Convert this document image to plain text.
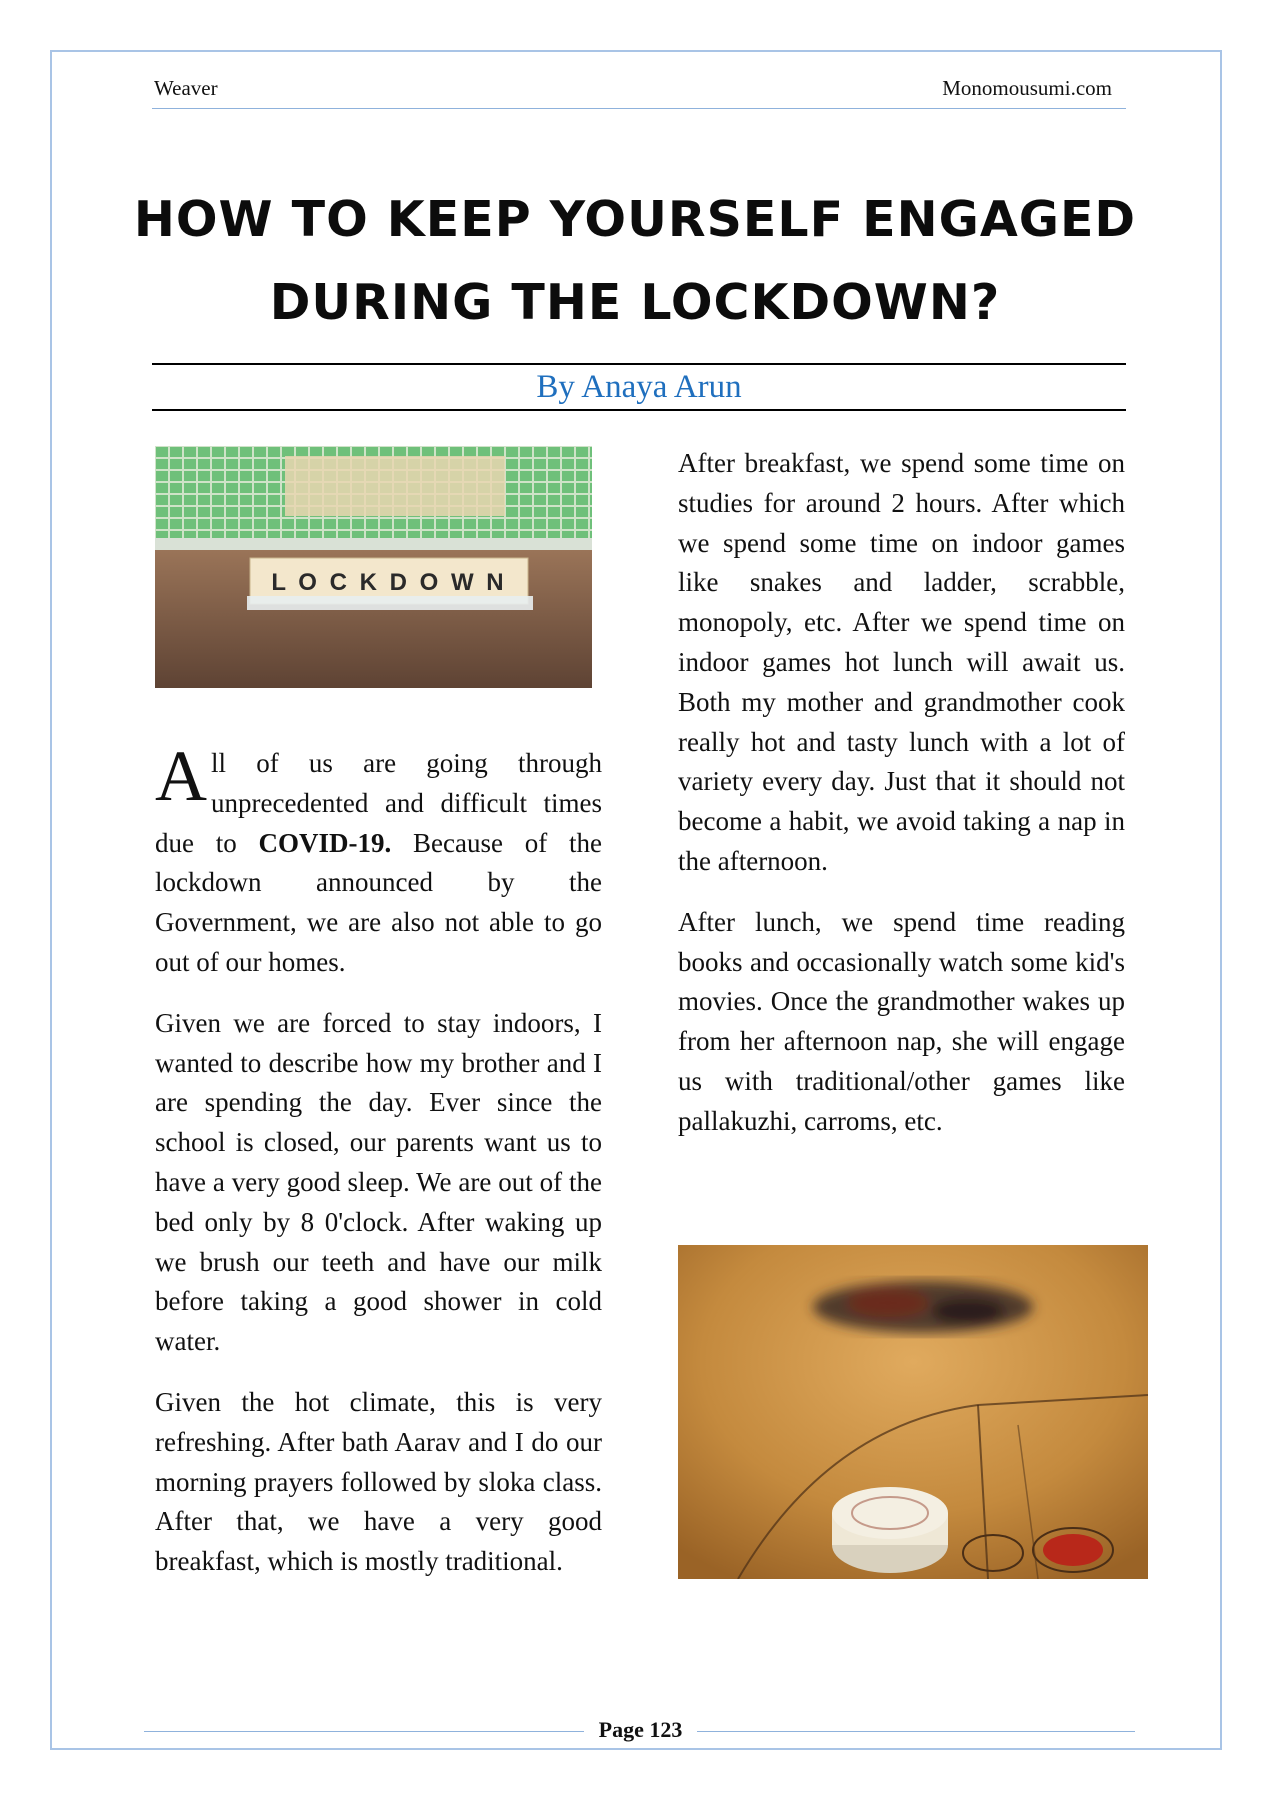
Weaver	Monomousumi.com
HOW TO KEEP YOURSELF ENGAGED
DURING THE LOCKDOWN?
By Anaya Arun
L O C K D O W N

All of us are going through unprecedented and difficult times due to COVID-19. Because of the lockdown announced by the Government, we are also not able to go out of our homes.

Given we are forced to stay indoors, I wanted to describe how my brother and I are spending the day. Ever since the school is closed, our parents want us to have a very good sleep. We are out of the bed only by 8 0'clock. After waking up we brush our teeth and have our milk before taking a good shower in cold water.

Given the hot climate, this is very refreshing. After bath Aarav and I do our morning prayers followed by sloka class. After that, we have a very good breakfast, which is mostly traditional.

After breakfast, we spend some time on studies for around 2 hours. After which we spend some time on indoor games like snakes and ladder, scrabble, monopoly, etc. After we spend time on indoor games hot lunch will await us. Both my mother and grandmother cook really hot and tasty lunch with a lot of variety every day. Just that it should not become a habit, we avoid taking a nap in the afternoon.

After lunch, we spend time reading books and occasionally watch some kid's movies. Once the grandmother wakes up from her afternoon nap, she will engage us with traditional/other games like pallakuzhi, carroms, etc.

Page 123
